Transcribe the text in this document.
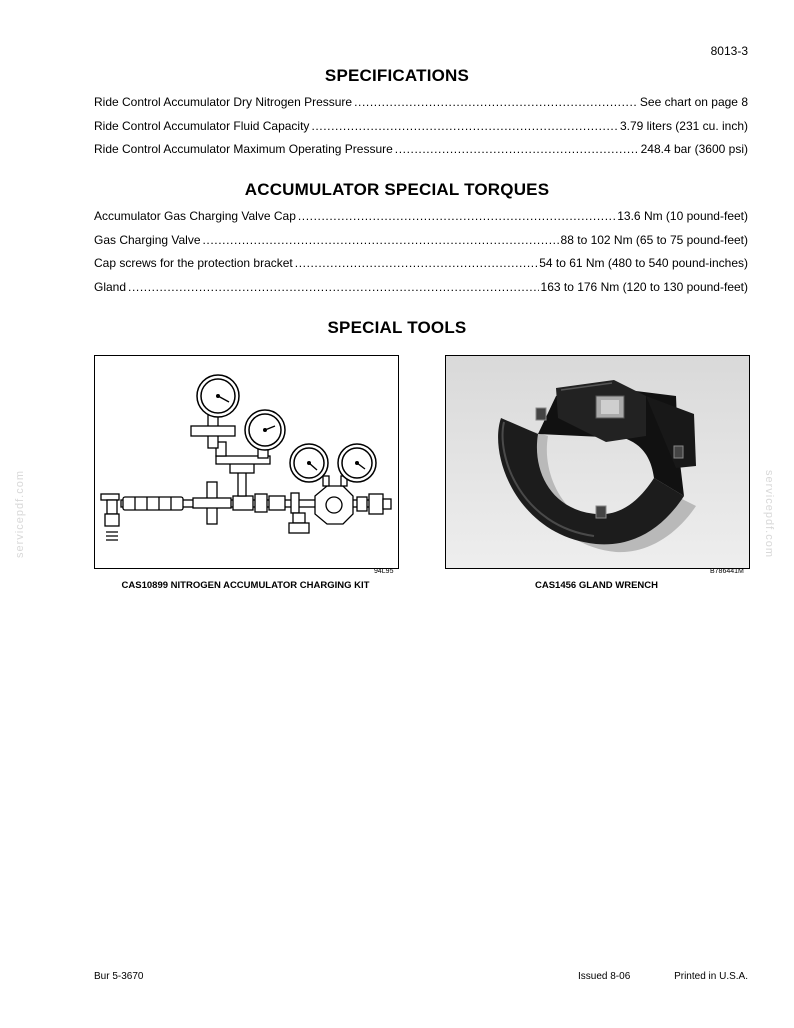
8013-3
SPECIFICATIONS
Ride Control Accumulator Dry Nitrogen Pressure .....	See chart on page 8
Ride Control Accumulator Fluid Capacity .....	3.79 liters (231 cu. inch)
Ride Control Accumulator Maximum Operating Pressure .....	248.4 bar (3600 psi)
ACCUMULATOR SPECIAL TORQUES
Accumulator Gas Charging Valve Cap .....	13.6 Nm (10 pound-feet)
Gas Charging Valve .....	88 to 102 Nm (65 to 75 pound-feet)
Cap screws for the protection bracket .....	54 to 61 Nm (480 to 540 pound-inches)
Gland .....	163 to 176 Nm (120 to 130 pound-feet)
SPECIAL TOOLS
94L95
CAS10899 NITROGEN ACCUMULATOR CHARGING KIT
B786441M
CAS1456 GLAND WRENCH
servicepdf.com	servicepdf.com
Bur 5-3670	Issued 8-06	Printed in U.S.A.
